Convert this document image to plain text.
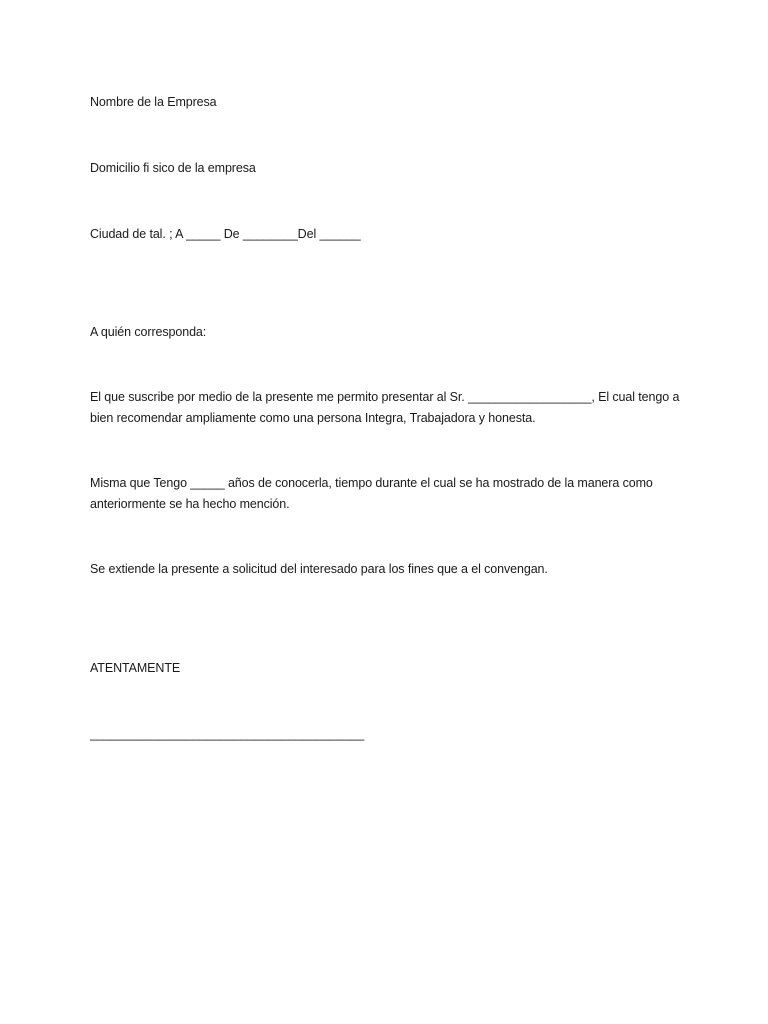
Nombre de la Empresa
Domicilio fi sico de la empresa
Ciudad de tal. ; A _____ De ________Del ______
A quién corresponda:
El que suscribe por medio de la presente me permito presentar al Sr. __________________, El cual tengo a
bien recomendar ampliamente como una persona Integra, Trabajadora y honesta.
Misma que Tengo _____ años de conocerla, tiempo durante el cual se ha mostrado de la manera como
anteriormente se ha hecho mención.
Se extiende la presente a solicitud del interesado para los fines que a el convengan.
ATENTAMENTE
________________________________________
